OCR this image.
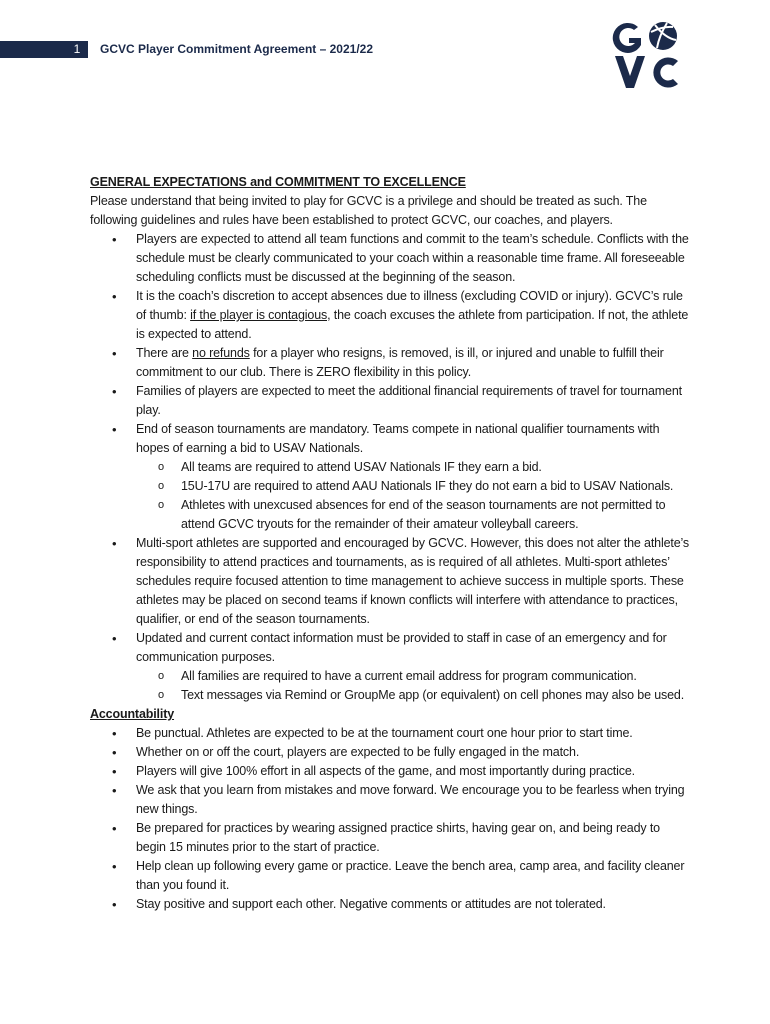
1	GCVC Player Commitment Agreement – 2021/22

GENERAL EXPECTATIONS and COMMITMENT TO EXCELLENCE

Please understand that being invited to play for GCVC is a privilege and should be treated as such. The following guidelines and rules have been established to protect GCVC, our coaches, and players.

• Players are expected to attend all team functions and commit to the team’s schedule. Conflicts with the schedule must be clearly communicated to your coach within a reasonable time frame. All foreseeable scheduling conflicts must be discussed at the beginning of the season.
• It is the coach’s discretion to accept absences due to illness (excluding COVID or injury). GCVC’s rule of thumb: if the player is contagious, the coach excuses the athlete from participation. If not, the athlete is expected to attend.
• There are no refunds for a player who resigns, is removed, is ill, or injured and unable to fulfill their commitment to our club. There is ZERO flexibility in this policy.
• Families of players are expected to meet the additional financial requirements of travel for tournament play.
• End of season tournaments are mandatory. Teams compete in national qualifier tournaments with hopes of earning a bid to USAV Nationals.
o All teams are required to attend USAV Nationals IF they earn a bid.
o 15U-17U are required to attend AAU Nationals IF they do not earn a bid to USAV Nationals.
o Athletes with unexcused absences for end of the season tournaments are not permitted to attend GCVC tryouts for the remainder of their amateur volleyball careers.
• Multi-sport athletes are supported and encouraged by GCVC. However, this does not alter the athlete’s responsibility to attend practices and tournaments, as is required of all athletes. Multi-sport athletes’ schedules require focused attention to time management to achieve success in multiple sports. These athletes may be placed on second teams if known conflicts will interfere with attendance to practices, qualifier, or end of the season tournaments.
• Updated and current contact information must be provided to staff in case of an emergency and for communication purposes.
o All families are required to have a current email address for program communication.
o Text messages via Remind or GroupMe app (or equivalent) on cell phones may also be used.

Accountability

• Be punctual. Athletes are expected to be at the tournament court one hour prior to start time.
• Whether on or off the court, players are expected to be fully engaged in the match.
• Players will give 100% effort in all aspects of the game, and most importantly during practice.
• We ask that you learn from mistakes and move forward. We encourage you to be fearless when trying new things.
• Be prepared for practices by wearing assigned practice shirts, having gear on, and being ready to begin 15 minutes prior to the start of practice.
• Help clean up following every game or practice. Leave the bench area, camp area, and facility cleaner than you found it.
• Stay positive and support each other. Negative comments or attitudes are not tolerated.
